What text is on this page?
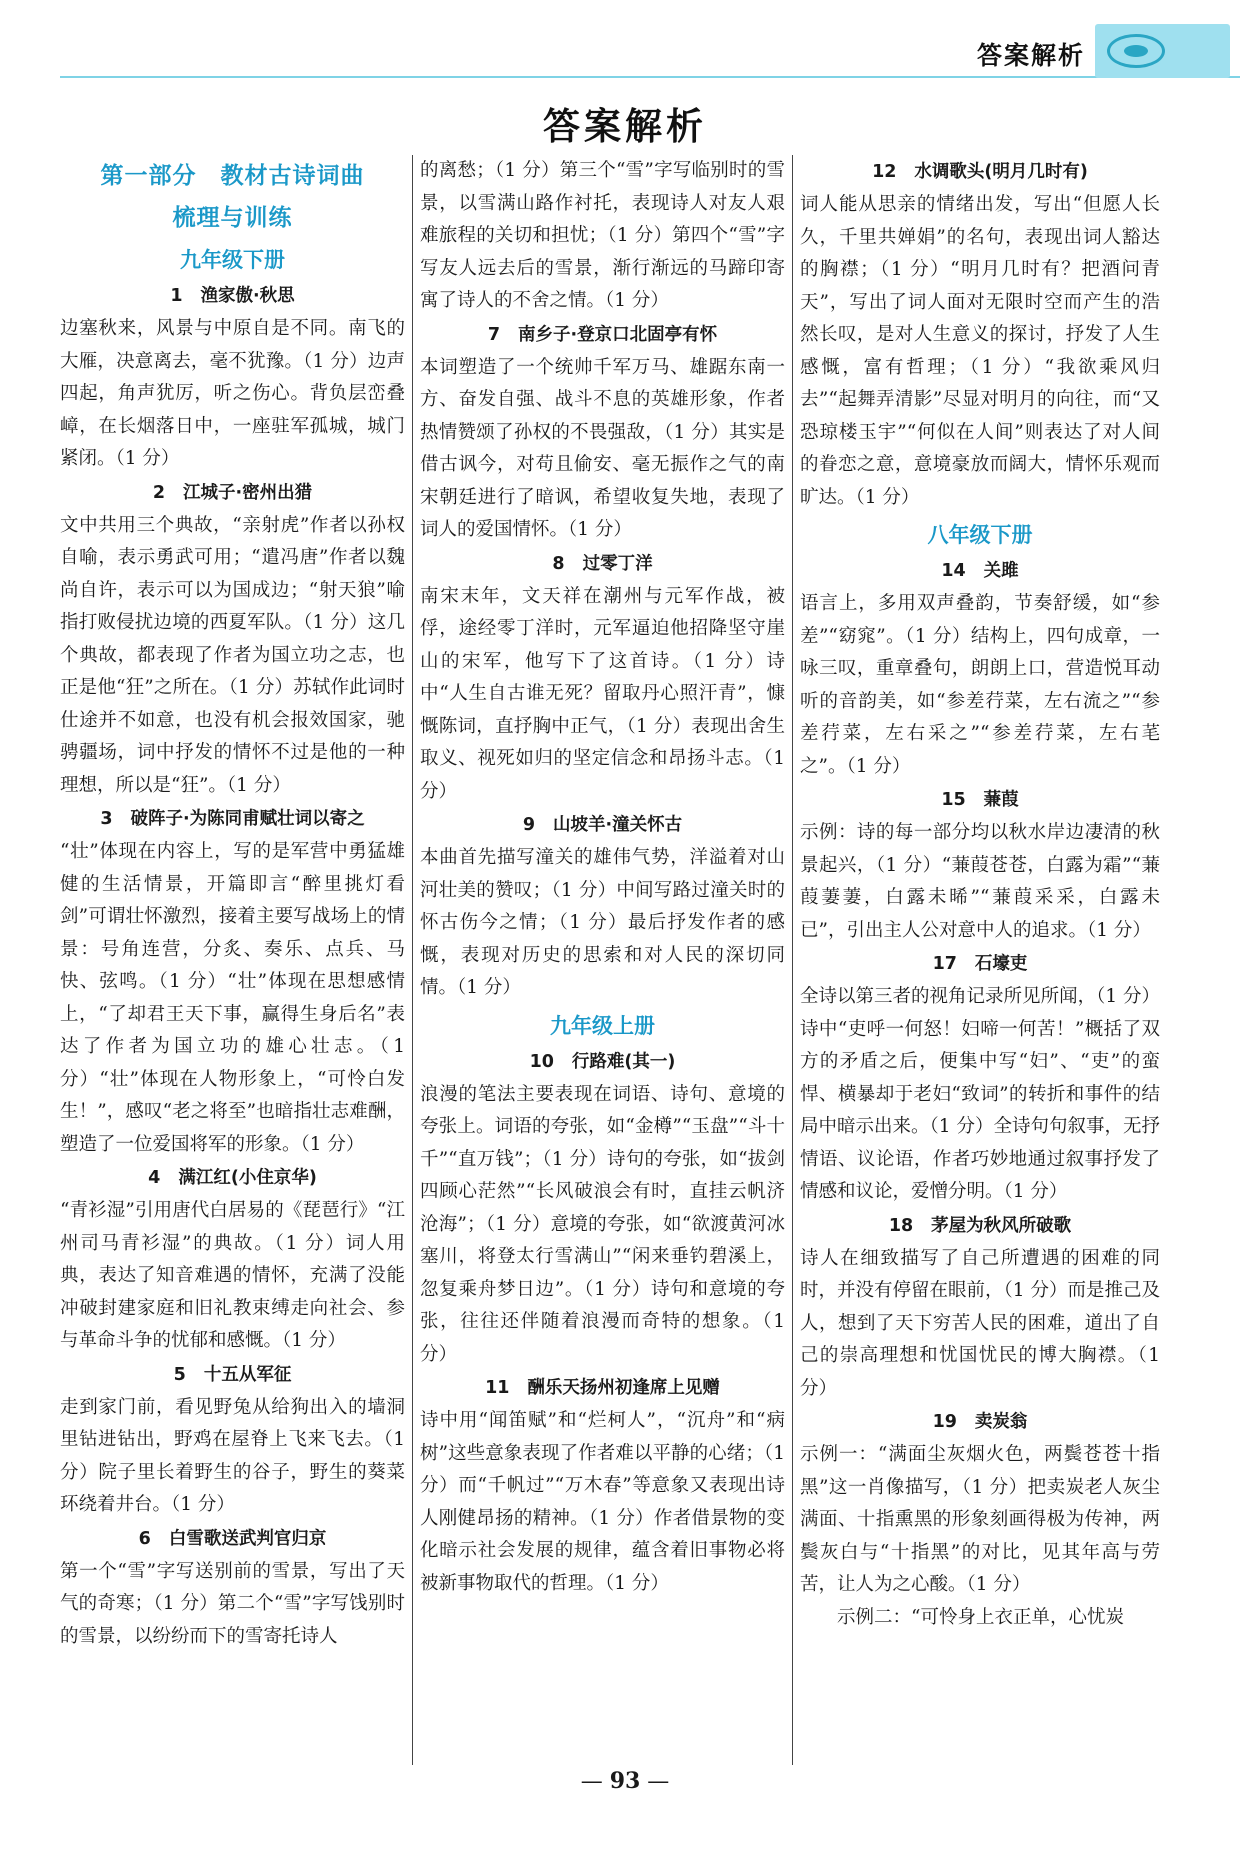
答案解析
答案解析
第一部分　教材古诗词曲
梳理与训练
九年级下册
1 渔家傲·秋思
边塞秋来，风景与中原自是不同。南飞的大雁，决意离去，毫不犹豫。（1 分）边声四起，角声犹厉，听之伤心。背负层峦叠嶂，在长烟落日中，一座驻军孤城，城门紧闭。（1 分）
2 江城子·密州出猎
文中共用三个典故，“亲射虎”作者以孙权自喻，表示勇武可用；“遣冯唐”作者以魏尚自许，表示可以为国成边；“射天狼”喻指打败侵扰边境的西夏军队。（1 分）这几个典故，都表现了作者为国立功之志，也正是他“狂”之所在。（1 分）苏轼作此词时仕途并不如意，也没有机会报效国家，驰骋疆场，词中抒发的情怀不过是他的一种理想，所以是“狂”。（1 分）
3 破阵子·为陈同甫赋壮词以寄之
“壮”体现在内容上，写的是军营中勇猛雄健的生活情景，开篇即言“醉里挑灯看剑”可谓壮怀激烈，接着主要写战场上的情景：号角连营，分炙、奏乐、点兵、马快、弦鸣。（1 分）“壮”体现在思想感情上，“了却君王天下事，赢得生身后名”表达了作者为国立功的雄心壮志。（1 分）“壮”体现在人物形象上，“可怜白发生！”，感叹“老之将至”也暗指壮志难酬，塑造了一位爱国将军的形象。（1 分）
4 满江红(小住京华)
“青衫湿”引用唐代白居易的《琵琶行》“江州司马青衫湿”的典故。（1 分）词人用典，表达了知音难遇的情怀，充满了没能冲破封建家庭和旧礼教束缚走向社会、参与革命斗争的忧郁和感慨。（1 分）
5 十五从军征
走到家门前，看见野兔从给狗出入的墙洞里钻进钻出，野鸡在屋脊上飞来飞去。（1 分）院子里长着野生的谷子，野生的葵菜环绕着井台。（1 分）
6 白雪歌送武判官归京
第一个“雪”字写送别前的雪景，写出了天气的奇寒；（1 分）第二个“雪”字写饯别时的雪景，以纷纷而下的雪寄托诗人
的离愁；（1 分）第三个“雪”字写临别时的雪景，以雪满山路作衬托，表现诗人对友人艰难旅程的关切和担忧；（1 分）第四个“雪”字写友人远去后的雪景，渐行渐远的马蹄印寄寓了诗人的不舍之情。（1 分）
7 南乡子·登京口北固亭有怀
本词塑造了一个统帅千军万马、雄踞东南一方、奋发自强、战斗不息的英雄形象，作者热情赞颂了孙权的不畏强敌，（1 分）其实是借古讽今，对苟且偷安、毫无振作之气的南宋朝廷进行了暗讽，希望收复失地，表现了词人的爱国情怀。（1 分）
8 过零丁洋
南宋末年，文天祥在潮州与元军作战，被俘，途经零丁洋时，元军逼迫他招降坚守崖山的宋军，他写下了这首诗。（1 分）诗中“人生自古谁无死？留取丹心照汗青”，慷慨陈词，直抒胸中正气，（1 分）表现出舍生取义、视死如归的坚定信念和昂扬斗志。（1 分）
9 山坡羊·潼关怀古
本曲首先描写潼关的雄伟气势，洋溢着对山河壮美的赞叹；（1 分）中间写路过潼关时的怀古伤今之情；（1 分）最后抒发作者的感慨，表现对历史的思索和对人民的深切同情。（1 分）
九年级上册
10 行路难(其一)
浪漫的笔法主要表现在词语、诗句、意境的夸张上。词语的夸张，如“金樽”“玉盘”“斗十千”“直万钱”；（1 分）诗句的夸张，如“拔剑四顾心茫然”“长风破浪会有时，直挂云帆济沧海”；（1 分）意境的夸张，如“欲渡黄河冰塞川，将登太行雪满山”“闲来垂钓碧溪上，忽复乘舟梦日边”。（1 分）诗句和意境的夸张，往往还伴随着浪漫而奇特的想象。（1 分）
11 酬乐天扬州初逢席上见赠
诗中用“闻笛赋”和“烂柯人”，“沉舟”和“病树”这些意象表现了作者难以平静的心绪；（1 分）而“千帆过”“万木春”等意象又表现出诗人刚健昂扬的精神。（1 分）作者借景物的变化暗示社会发展的规律，蕴含着旧事物必将被新事物取代的哲理。（1 分）
12 水调歌头(明月几时有)
词人能从思亲的情绪出发，写出“但愿人长久，千里共婵娟”的名句，表现出词人豁达的胸襟；（1 分）“明月几时有？把酒问青天”，写出了词人面对无限时空而产生的浩然长叹，是对人生意义的探讨，抒发了人生感慨，富有哲理；（1 分）“我欲乘风归去”“起舞弄清影”尽显对明月的向往，而“又恐琼楼玉宇”“何似在人间”则表达了对人间的眷恋之意，意境豪放而阔大，情怀乐观而旷达。（1 分）
八年级下册
14 关雎
语言上，多用双声叠韵，节奏舒缓，如“参差”“窈窕”。（1 分）结构上，四句成章，一咏三叹，重章叠句，朗朗上口，营造悦耳动听的音韵美，如“参差荇菜，左右流之”“参差荇菜，左右采之”“参差荇菜，左右芼之”。（1 分）
15 蒹葭
示例：诗的每一部分均以秋水岸边凄清的秋景起兴，（1 分）“蒹葭苍苍，白露为霜”“蒹葭萋萋，白露未晞”“蒹葭采采，白露未已”，引出主人公对意中人的追求。（1 分）
17 石壕吏
全诗以第三者的视角记录所见所闻，（1 分）诗中“吏呼一何怒！妇啼一何苦！”概括了双方的矛盾之后，便集中写“妇”、“吏”的蛮悍、横暴却于老妇“致词”的转折和事件的结局中暗示出来。（1 分）全诗句句叙事，无抒情语、议论语，作者巧妙地通过叙事抒发了情感和议论，爱憎分明。（1 分）
18 茅屋为秋风所破歌
诗人在细致描写了自己所遭遇的困难的同时，并没有停留在眼前，（1 分）而是推己及人，想到了天下穷苦人民的困难，道出了自己的崇高理想和忧国忧民的博大胸襟。（1 分）
19 卖炭翁
示例一：“满面尘灰烟火色，两鬓苍苍十指黑”这一肖像描写，（1 分）把卖炭老人灰尘满面、十指熏黑的形象刻画得极为传神，两鬓灰白与“十指黑”的对比，见其年高与劳苦，让人为之心酸。（1 分）
　　示例二：“可怜身上衣正单，心忧炭
— 93 —
